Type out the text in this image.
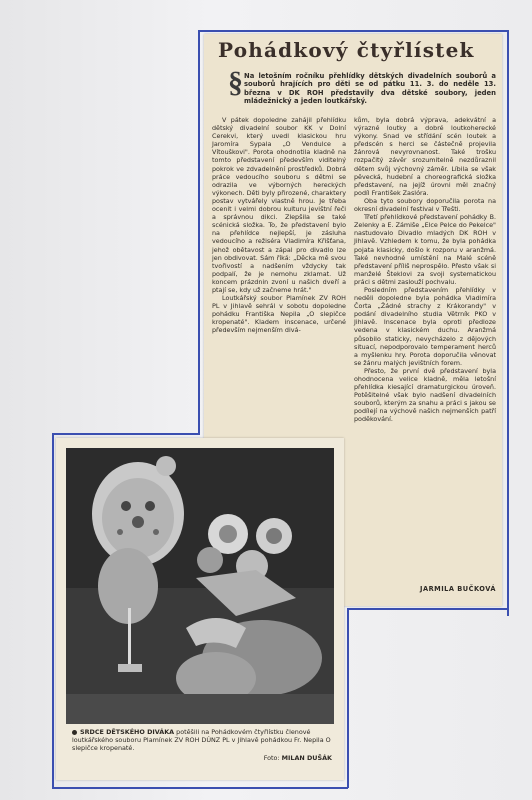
Pohádkový čtyřlístek
§ Na letošním ročníku přehlídky dětských divadelních souborů a souborů hrajících pro děti se od pátku 11. 3. do neděle 13. března v DK ROH představily dva dětské soubory, jeden mládežnický a jeden loutkářský.

V pátek dopoledne zahájil přehlídku dětský divadelní soubor KK v Dolní Cerekvi, který uvedl klasickou hru Jaromíra Sypala „O Vendulce a Vítouškovi". Porota ohodnotila kladně na tomto představení především viditelný pokrok ve zdvadelnění prostředků. Dobrá práce vedoucího souboru s dětmi se odrazila ve výborných hereckých výkonech. Děti byly přirozené, charaktery postav vytvářely vlastně hrou. Je třeba ocenit i velmi dobrou kulturu jevištní řeči a správnou dikci. Zlepšila se také scénická složka. To, že představení bylo na přehlídce nejlepší, je zásluha vedoucího a režiséra Vladimíra Křišťana, jehož obětavost a zápal pro divadlo lze jen obdivovat. Sám říká: „Děcka mě svou tvořivostí a nadšením vždycky tak podpalí, že je nemohu zklamat. Už koncem prázdnin zvoní u našich dveří a ptají se, kdy už začneme hrát."

Loutkářský soubor Plamínek ZV ROH PL v Jihlavě sehrál v sobotu dopoledne pohádku Františka Nepila „O slepičce kropenaté". Kladem inscenace, určené především nejmenším divá-

kům, byla dobrá výprava, adekvátní a výrazné loutky a dobré loutkoherecké výkony. Snad ve střídání scén loutek a předscén s herci se částečně projevila žánrová nevyrovnanost. Také trošku rozpačitý závěr srozumitelně nezdůraznil dětem svůj výchovný záměr. Líbila se však pěvecká, hudební a choreografická složka představení, na jejíž úrovni měl značný podíl František Zaslóra.

Oba tyto soubory doporučila porota na okresní divadelní festival v Třešti.

Třetí přehlídkové představení pohádky B. Zelenky a E. Zámiše „Elce Pelce do Pekelce" nastudovalo Divadlo mladých DK ROH v Jihlavě. Vzhledem k tomu, že byla pohádka pojata klasicky, došlo k rozporu v aranžmá. Také nevhodné umístění na Malé scéně představení příliš neprospělo. Přesto však si manželé Šteklovi za svoji systematickou práci s dětmi zaslouží pochvalu.

Posledním představením přehlídky v neděli dopoledne byla pohádka Vladimíra Čorta „Žádné strachy z Krákorandy" v podání divadelního studia Větrník PKO v Jihlavě. Inscenace byla oproti předloze vedena v klasickém duchu. Aranžmá působilo staticky, nevycházelo z dějových situací, nepodporovalo temperament herců a myšlenku hry. Porota doporučila věnovat se žánru malých jevištních forem.

Přesto, že první dvě představení byla ohodnocena velice kladně, měla letošní přehlídka kiesající dramaturgickou úroveň. Potěšitelné však bylo nadšení divadelních souborů, kterým za snahu a práci s jakou se podílejí na výchově našich nejmenších patří poděkování.

JARMILA BUČKOVÁ
SRDCE DĚTSKÉHO DIVÁKA potěšili na Pohádkovém čtyřlístku členové loutkářského souboru Plamínek ZV ROH DÚNZ PL v Jihlavě pohádkou Fr. Nepila O slepičce kropenaté.
Foto: MILAN DUŠÁK
